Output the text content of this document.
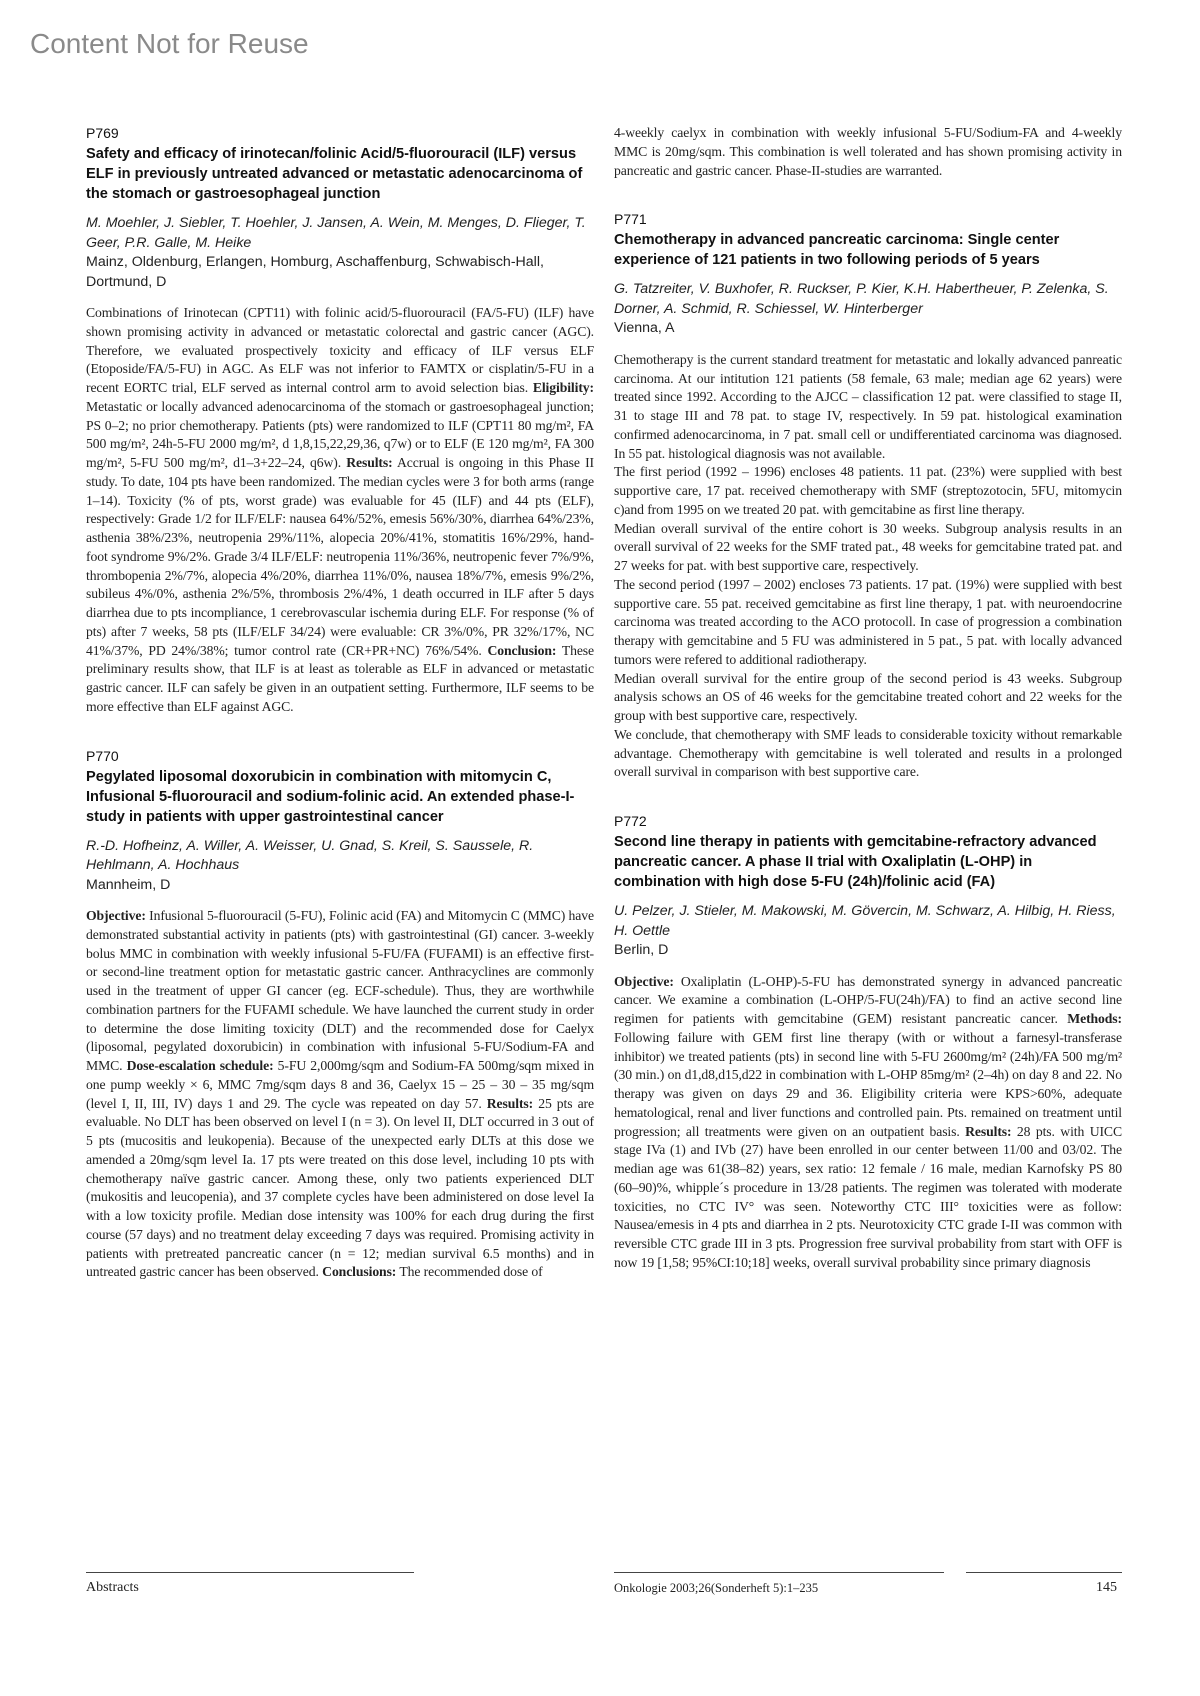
Content Not for Reuse
P769
Safety and efficacy of irinotecan/folinic Acid/5-fluorouracil (ILF) versus ELF in previously untreated advanced or metastatic adenocarcinoma of the stomach or gastroesophageal junction
M. Moehler, J. Siebler, T. Hoehler, J. Jansen, A. Wein, M. Menges, D. Flieger, T. Geer, P.R. Galle, M. Heike
Mainz, Oldenburg, Erlangen, Homburg, Aschaffenburg, Schwabisch-Hall, Dortmund, D
Combinations of Irinotecan (CPT11) with folinic acid/5-fluorouracil (FA/5-FU) (ILF) have shown promising activity in advanced or metastatic colorectal and gastric cancer (AGC). Therefore, we evaluated prospectively toxicity and efficacy of ILF versus ELF (Etoposide/FA/5-FU) in AGC. As ELF was not inferior to FAMTX or cisplatin/5-FU in a recent EORTC trial, ELF served as internal control arm to avoid selection bias. Eligibility: Metastatic or locally advanced adenocarcinoma of the stomach or gastroesophageal junction; PS 0–2; no prior chemotherapy. Patients (pts) were randomized to ILF (CPT11 80 mg/m², FA 500 mg/m², 24h-5-FU 2000 mg/m², d 1,8,15,22,29,36, q7w) or to ELF (E 120 mg/m², FA 300 mg/m², 5-FU 500 mg/m², d1–3+22–24, q6w). Results: Accrual is ongoing in this Phase II study. To date, 104 pts have been randomized. The median cycles were 3 for both arms (range 1–14). Toxicity (% of pts, worst grade) was evaluable for 45 (ILF) and 44 pts (ELF), respectively: Grade 1/2 for ILF/ELF: nausea 64%/52%, emesis 56%/30%, diarrhea 64%/23%, asthenia 38%/23%, neutropenia 29%/11%, alopecia 20%/41%, stomatitis 16%/29%, hand-foot syndrome 9%/2%. Grade 3/4 ILF/ELF: neutropenia 11%/36%, neutropenic fever 7%/9%, thrombopenia 2%/7%, alopecia 4%/20%, diarrhea 11%/0%, nausea 18%/7%, emesis 9%/2%, subileus 4%/0%, asthenia 2%/5%, thrombosis 2%/4%, 1 death occurred in ILF after 5 days diarrhea due to pts incompliance, 1 cerebrovascular ischemia during ELF. For response (% of pts) after 7 weeks, 58 pts (ILF/ELF 34/24) were evaluable: CR 3%/0%, PR 32%/17%, NC 41%/37%, PD 24%/38%; tumor control rate (CR+PR+NC) 76%/54%. Conclusion: These preliminary results show, that ILF is at least as tolerable as ELF in advanced or metastatic gastric cancer. ILF can safely be given in an outpatient setting. Furthermore, ILF seems to be more effective than ELF against AGC.
P770
Pegylated liposomal doxorubicin in combination with mitomycin C, Infusional 5-fluorouracil and sodium-folinic acid. An extended phase-I-study in patients with upper gastrointestinal cancer
R.-D. Hofheinz, A. Willer, A. Weisser, U. Gnad, S. Kreil, S. Saussele, R. Hehlmann, A. Hochhaus
Mannheim, D
Objective: Infusional 5-fluorouracil (5-FU), Folinic acid (FA) and Mitomycin C (MMC) have demonstrated substantial activity in patients (pts) with gastrointestinal (GI) cancer. 3-weekly bolus MMC in combination with weekly infusional 5-FU/FA (FUFAMI) is an effective first- or second-line treatment option for metastatic gastric cancer. Anthracyclines are commonly used in the treatment of upper GI cancer (eg. ECF-schedule). Thus, they are worthwhile combination partners for the FUFAMI schedule. We have launched the current study in order to determine the dose limiting toxicity (DLT) and the recommended dose for Caelyx (liposomal, pegylated doxorubicin) in combination with infusional 5-FU/Sodium-FA and MMC. Dose-escalation schedule: 5-FU 2,000mg/sqm and Sodium-FA 500mg/sqm mixed in one pump weekly × 6, MMC 7mg/sqm days 8 and 36, Caelyx 15 – 25 – 30 – 35 mg/sqm (level I, II, III, IV) days 1 and 29. The cycle was repeated on day 57. Results: 25 pts are evaluable. No DLT has been observed on level I (n = 3). On level II, DLT occurred in 3 out of 5 pts (mucositis and leukopenia). Because of the unexpected early DLTs at this dose we amended a 20mg/sqm level Ia. 17 pts were treated on this dose level, including 10 pts with chemotherapy naïve gastric cancer. Among these, only two patients experienced DLT (mukositis and leucopenia), and 37 complete cycles have been administered on dose level Ia with a low toxicity profile. Median dose intensity was 100% for each drug during the first course (57 days) and no treatment delay exceeding 7 days was required. Promising activity in patients with pretreated pancreatic cancer (n = 12; median survival 6.5 months) and in untreated gastric cancer has been observed. Conclusions: The recommended dose of
4-weekly caelyx in combination with weekly infusional 5-FU/Sodium-FA and 4-weekly MMC is 20mg/sqm. This combination is well tolerated and has shown promising activity in pancreatic and gastric cancer. Phase-II-studies are warranted.
P771
Chemotherapy in advanced pancreatic carcinoma: Single center experience of 121 patients in two following periods of 5 years
G. Tatzreiter, V. Buxhofer, R. Ruckser, P. Kier, K.H. Habertheuer, P. Zelenka, S. Dorner, A. Schmid, R. Schiessel, W. Hinterberger
Vienna, A
Chemotherapy is the current standard treatment for metastatic and lokally advanced panreatic carcinoma. At our intitution 121 patients (58 female, 63 male; median age 62 years) were treated since 1992. According to the AJCC – classification 12 pat. were classified to stage II, 31 to stage III and 78 pat. to stage IV, respectively. In 59 pat. histological examination confirmed adenocarcinoma, in 7 pat. small cell or undifferentiated carcinoma was diagnosed. In 55 pat. histological diagnosis was not available.
The first period (1992 – 1996) encloses 48 patients. 11 pat. (23%) were supplied with best supportive care, 17 pat. received chemotherapy with SMF (streptozotocin, 5FU, mitomycin c)and from 1995 on we treated 20 pat. with gemcitabine as first line therapy.
Median overall survival of the entire cohort is 30 weeks. Subgroup analysis results in an overall survival of 22 weeks for the SMF trated pat., 48 weeks for gemcitabine trated pat. and 27 weeks for pat. with best supportive care, respectively.
The second period (1997 – 2002) encloses 73 patients. 17 pat. (19%) were supplied with best supportive care. 55 pat. received gemcitabine as first line therapy, 1 pat. with neuroendocrine carcinoma was treated according to the ACO protocoll. In case of progression a combination therapy with gemcitabine and 5 FU was administered in 5 pat., 5 pat. with locally advanced tumors were refered to additional radiotherapy.
Median overall survival for the entire group of the second period is 43 weeks. Subgroup analysis schows an OS of 46 weeks for the gemcitabine treated cohort and 22 weeks for the group with best supportive care, respectively.
We conclude, that chemotherapy with SMF leads to considerable toxicity without remarkable advantage. Chemotherapy with gemcitabine is well tolerated and results in a prolonged overall survival in comparison with best supportive care.
P772
Second line therapy in patients with gemcitabine-refractory advanced pancreatic cancer. A phase II trial with Oxaliplatin (L-OHP) in combination with high dose 5-FU (24h)/folinic acid (FA)
U. Pelzer, J. Stieler, M. Makowski, M. Gövercin, M. Schwarz, A. Hilbig, H. Riess, H. Oettle
Berlin, D
Objective: Oxaliplatin (L-OHP)-5-FU has demonstrated synergy in advanced pancreatic cancer. We examine a combination (L-OHP/5-FU(24h)/FA) to find an active second line regimen for patients with gemcitabine (GEM) resistant pancreatic cancer. Methods: Following failure with GEM first line therapy (with or without a farnesyl-transferase inhibitor) we treated patients (pts) in second line with 5-FU 2600mg/m² (24h)/FA 500 mg/m² (30 min.) on d1,d8,d15,d22 in combination with L-OHP 85mg/m² (2–4h) on day 8 and 22. No therapy was given on days 29 and 36. Eligibility criteria were KPS>60%, adequate hematological, renal and liver functions and controlled pain. Pts. remained on treatment until progression; all treatments were given on an outpatient basis. Results: 28 pts. with UICC stage IVa (1) and IVb (27) have been enrolled in our center between 11/00 and 03/02. The median age was 61(38–82) years, sex ratio: 12 female / 16 male, median Karnofsky PS 80 (60–90)%, whipple´s procedure in 13/28 patients. The regimen was tolerated with moderate toxicities, no CTC IV° was seen. Noteworthy CTC III° toxicities were as follow: Nausea/emesis in 4 pts and diarrhea in 2 pts. Neurotoxicity CTC grade I-II was common with reversible CTC grade III in 3 pts. Progression free survival probability from start with OFF is now 19 [1,58; 95%CI:10;18] weeks, overall survival probability since primary diagnosis
Abstracts	Onkologie 2003;26(Sonderheft 5):1–235	145
